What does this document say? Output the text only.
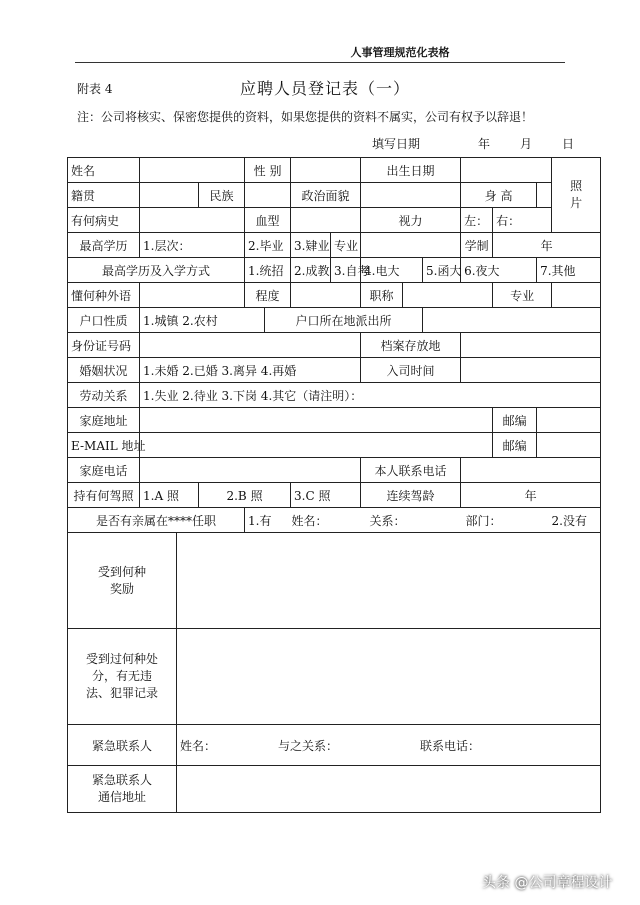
人事管理规范化表格
附表 4	应聘人员登记表（一）
注：公司将核实、保密您提供的资料，如果您提供的资料不属实，公司有权予以辞退！
填写日期	年	月	日
姓名				性 别				出生日期						照片
籍贯			民族			政治面貌					身 高			
有何病史				血型				视力			左：	右：		
最高学历	1.层次：			2.毕业		3.肄业	专业				学制	年		
最高学历及入学方式				1.统招		2.成教	3.自考	4.电大		5.函大	6.夜大		7.其他	
懂何种外语				程度				职称				专业		
户口性质	1.城镇 2.农村				户口所在地派出所									
身份证号码								档案存放地						
婚姻状况	1.未婚 2.已婚 3.离异 4.再婚							入司时间						
劳动关系	1.失业 2.待业 3.下岗 4.其它（请注明）：													
家庭地址												邮编		
E-MAIL 地址												邮编		
家庭电话								本人联系电话						
持有何驾照	1.A 照		2.B 照			3.C 照		连续驾龄			年			
是否有亲属在****任职				1.有 姓名： 关系： 部门： 2.没有										
受到何种奖励														
受到过何种处分，有无违法、犯罪记录														
紧急联系人		姓名： 与之关系： 联系电话：												
紧急联系人通信地址														
头条 @公司章程设计
